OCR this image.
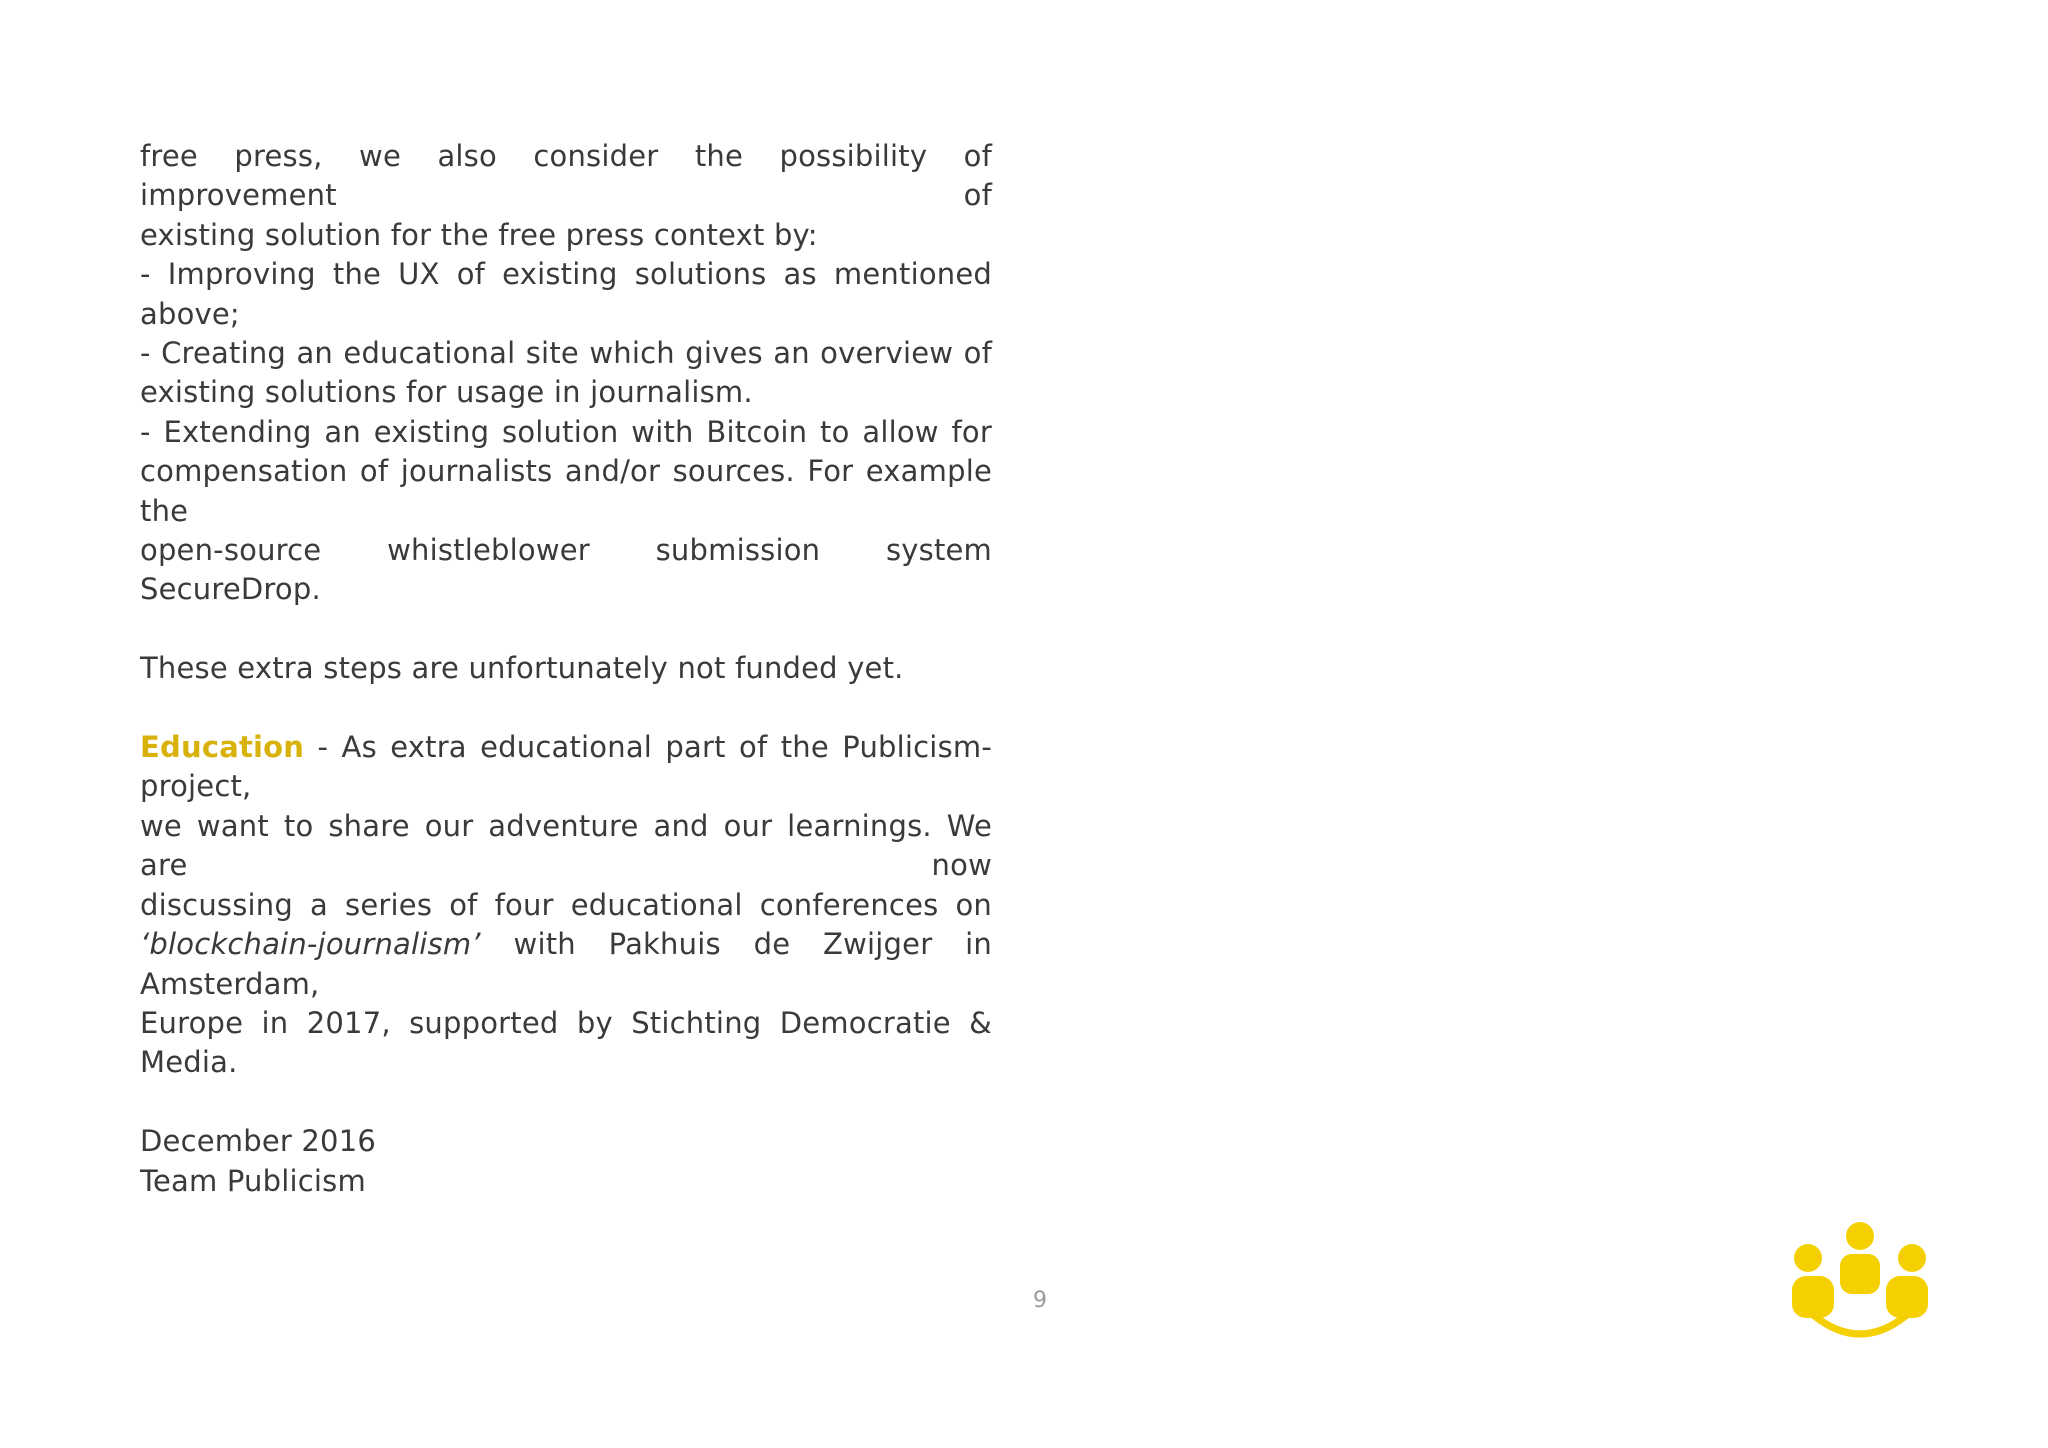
free press, we also consider the possibility of improvement of
existing solution for the free press context by:
- Improving the UX of existing solutions as mentioned above;
- Creating an educational site which gives an overview of
existing solutions for usage in journalism.
- Extending an existing solution with Bitcoin to allow for
compensation of journalists and/or sources. For example the
open-source whistleblower submission system SecureDrop.
These extra steps are unfortunately not funded yet.
Education - As extra educational part of the Publicism-project,
we want to share our adventure and our learnings. We are now
discussing a series of four educational conferences on
‘blockchain-journalism’ with Pakhuis de Zwijger in Amsterdam,
Europe in 2017, supported by Stichting Democratie & Media.
December 2016
Team Publicism
9
